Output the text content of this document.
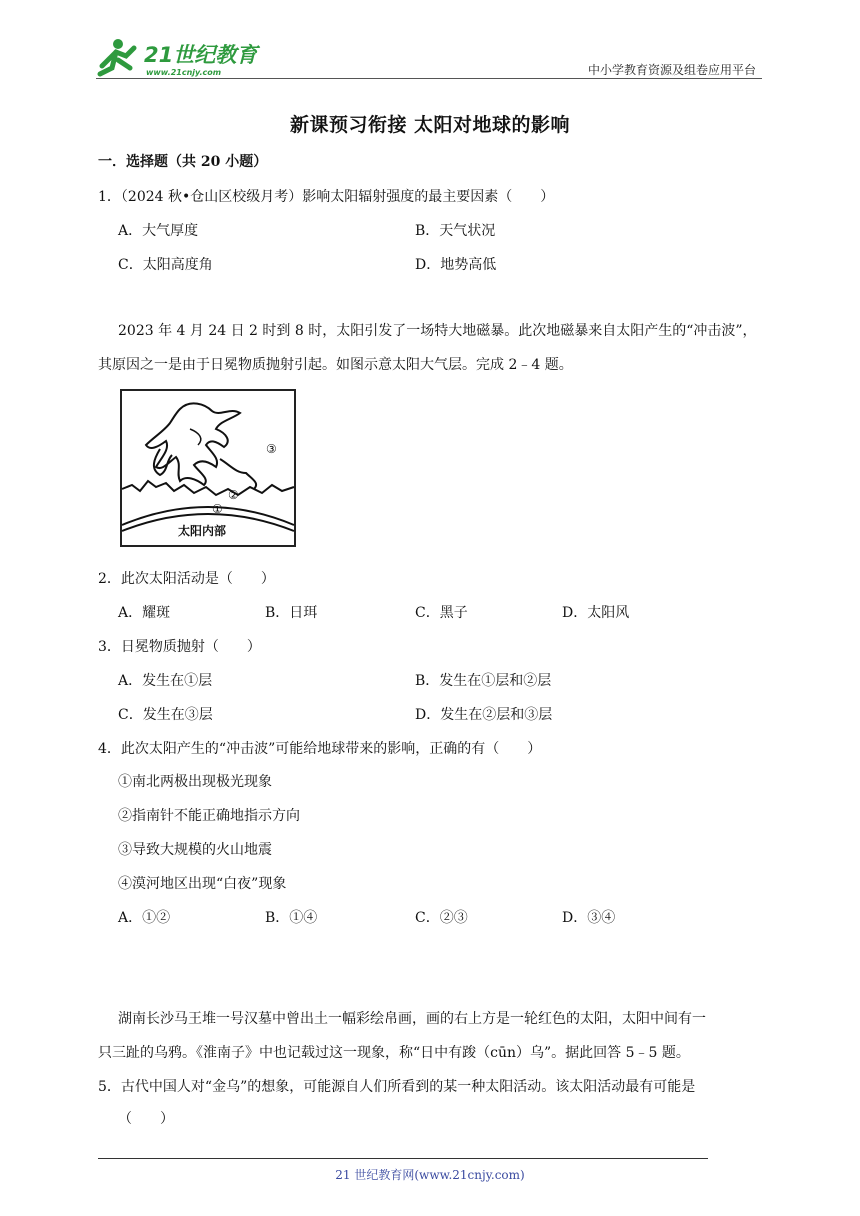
21世纪教育
www.21cnjy.com	中小学教育资源及组卷应用平台
新课预习衔接 太阳对地球的影响
一．选择题（共 20 小题）
1．（2024 秋•仓山区校级月考）影响太阳辐射强度的最主要因素（　　）
A．大气厚度	B．天气状况
C．太阳高度角	D．地势高低
2023 年 4 月 24 日 2 时到 8 时，太阳引发了一场特大地磁暴。此次地磁暴来自太阳产生的“冲击波”，
其原因之一是由于日冕物质抛射引起。如图示意太阳大气层。完成 2﹣4 题。
①
②
③
太阳内部
2．此次太阳活动是（　　）
A．耀斑	B．日珥	C．黑子	D．太阳风
3．日冕物质抛射（　　）
A．发生在①层	B．发生在①层和②层
C．发生在③层	D．发生在②层和③层
4．此次太阳产生的“冲击波”可能给地球带来的影响，正确的有（　　）
①南北两极出现极光现象
②指南针不能正确地指示方向
③导致大规模的火山地震
④漠河地区出现“白夜”现象
A．①②	B．①④	C．②③	D．③④
湖南长沙马王堆一号汉墓中曾出土一幅彩绘帛画，画的右上方是一轮红色的太阳，太阳中间有一
只三趾的乌鸦。《淮南子》中也记载过这一现象，称“日中有踆（cūn）乌”。据此回答 5﹣5 题。
5．古代中国人对“金乌”的想象，可能源自人们所看到的某一种太阳活动。该太阳活动最有可能是
（　　）
21 世纪教育网(www.21cnjy.com)
